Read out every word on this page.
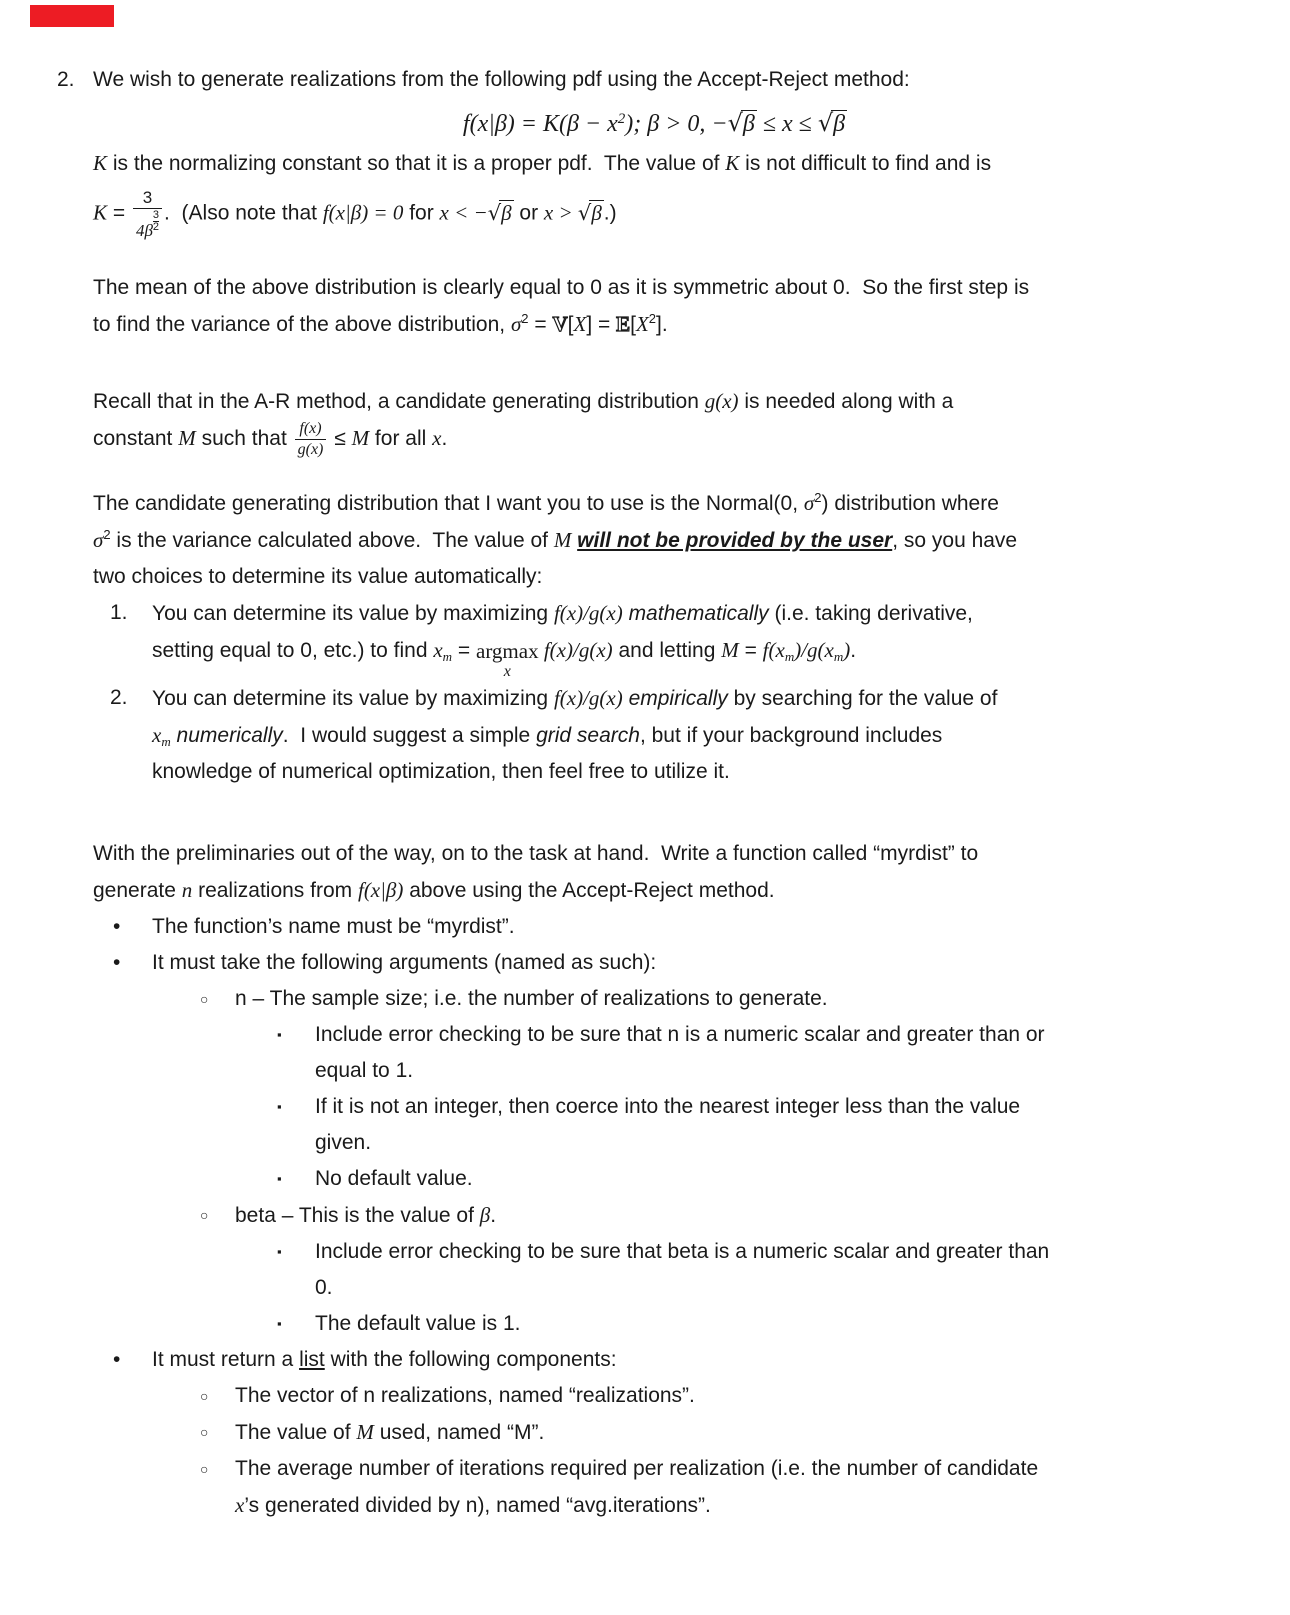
2. We wish to generate realizations from the following pdf using the Accept-Reject method:

$f(x|\beta) = K(\beta - x^2)$; β > 0, −√β ≤ x ≤ √β

K is the normalizing constant so that it is a proper pdf.  The value of K is not difficult to find and is

$K = \frac{3}{4\beta \frac{3}{2}}$ .  (Also note that f(x|β) = 0 for x < −√β or x > √β.)

The mean of the above distribution is clearly equal to 0 as it is symmetric about 0.  So the first step is
to find the variance of the above distribution, $\sigma^2 = V[X] = E[X^2]$.

Recall that in the A-R method, a candidate generating distribution g(x) is needed along with a
constant M such that $\frac{f(x)}{g(x)} \le M$ for all x.

The candidate generating distribution that I want you to use is the Normal(0, $\sigma^2$) distribution where
$\sigma^2$ is the variance calculated above.  The value of M will not be provided by the user, so you have
two choices to determine its value automatically:

1.	You can determine its value by maximizing f(x)/g(x) mathematically (i.e. taking derivative,
setting equal to 0, etc.) to find $x_m = argmax$
x
f(x)/g(x) and letting $M = f(x_m)/g(x_m)$.
2.	You can determine its value by maximizing f(x)/g(x) empirically by searching for the value of
$x_m$ numerically.  I would suggest a simple grid search, but if your background includes
knowledge of numerical optimization, then feel free to utilize it.

With the preliminaries out of the way, on to the task at hand.  Write a function called “myrdist” to
generate n realizations from f(x|β) above using the Accept-Reject method.

•	The function’s name must be “myrdist”.
•	It must take the following arguments (named as such):
○	n – The sample size; i.e. the number of realizations to generate.
▪	Include error checking to be sure that n is a numeric scalar and greater than or
equal to 1.
▪	If it is not an integer, then coerce into the nearest integer less than the value
given.
▪	No default value.
○	beta – This is the value of β.
▪	Include error checking to be sure that beta is a numeric scalar and greater than
0.
▪	The default value is 1.
•	It must return a list with the following components:
○	The vector of n realizations, named “realizations”.
○	The value of M used, named “M”.
○	The average number of iterations required per realization (i.e. the number of candidate
x’s generated divided by n), named “avg.iterations”.
